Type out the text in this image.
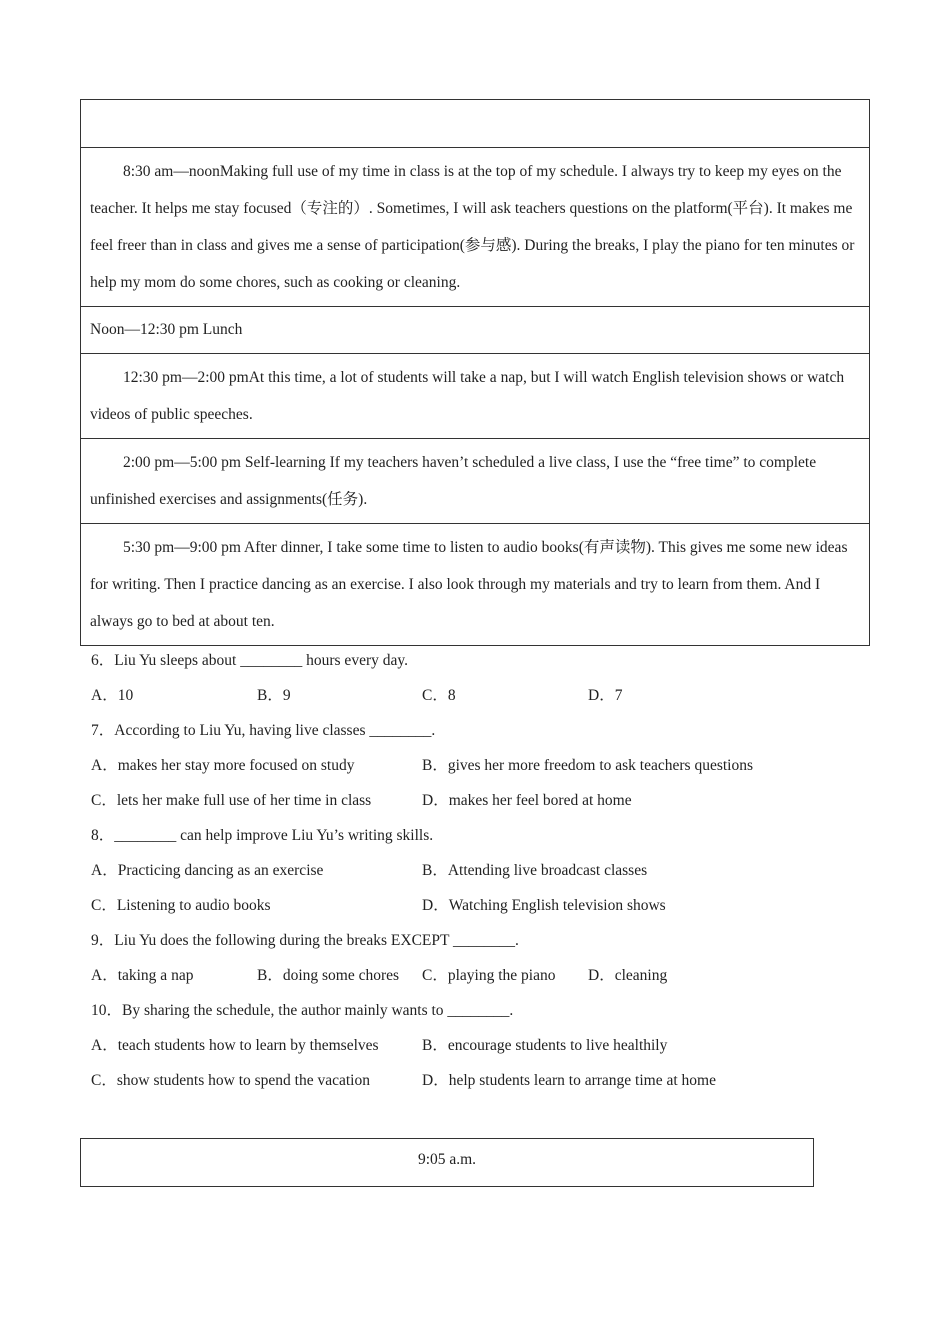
8:30 am—noonMaking full use of my time in class is at the top of my schedule. I always try to keep my eyes on the teacher. It helps me stay focused（专注的）. Sometimes, I will ask teachers questions on the platform(平台). It makes me feel freer than in class and gives me a sense of participation(参与感). During the breaks, I play the piano for ten minutes or help my mom do some chores, such as cooking or cleaning.
Noon—12:30 pm Lunch
12:30 pm—2:00 pmAt this time, a lot of students will take a nap, but I will watch English television shows or watch videos of public speeches.
2:00 pm—5:00 pm Self-learning If my teachers haven’t scheduled a live class, I use the “free time” to complete unfinished exercises and assignments(任务).
5:30 pm—9:00 pm After dinner, I take some time to listen to audio books(有声读物). This gives me some new ideas for writing. Then I practice dancing as an exercise. I also look through my materials and try to learn from them. And I always go to bed at about ten.
6．Liu Yu sleeps about ________ hours every day.
A．10	B．9	C．8	D．7
7．According to Liu Yu, having live classes ________.
A．makes her stay more focused on study	B．gives her more freedom to ask teachers questions
C．lets her make full use of her time in class	D．makes her feel bored at home
8．________ can help improve Liu Yu’s writing skills.
A．Practicing dancing as an exercise	B．Attending live broadcast classes
C．Listening to audio books	D．Watching English television shows
9．Liu Yu does the following during the breaks EXCEPT ________.
A．taking a nap	B．doing some chores C．playing the piano D．cleaning
10．By sharing the schedule, the author mainly wants to ________.
A．teach students how to learn by themselves	B．encourage students to live healthily
C．show students how to spend the vacation	D．help students learn to arrange time at home
9:05 a.m.
